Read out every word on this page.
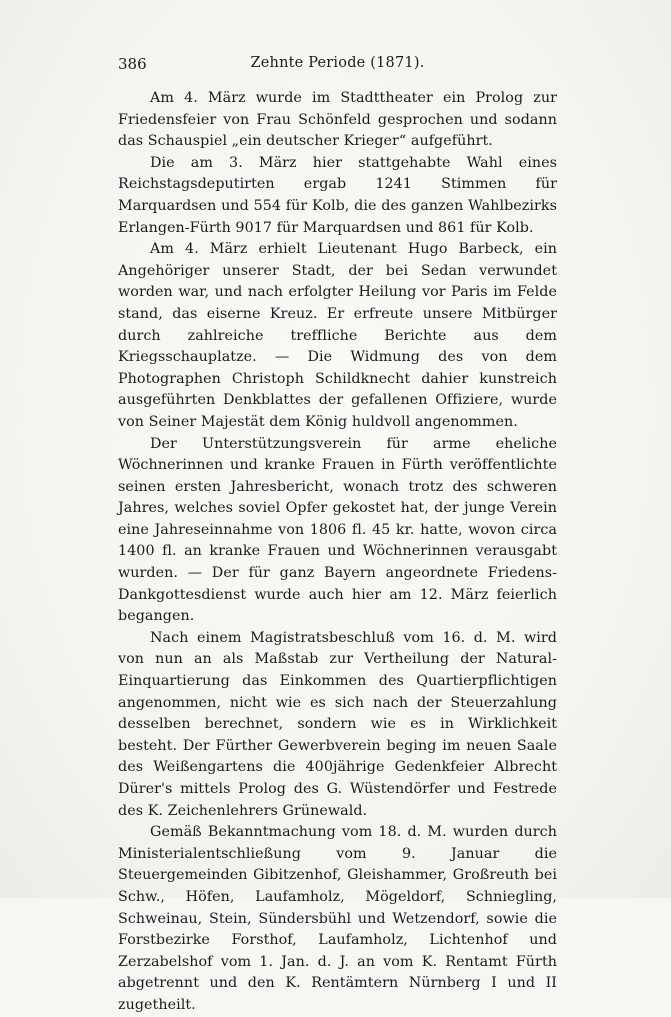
386	Zehnte Periode (1871).

Am 4. März wurde im Stadttheater ein Prolog zur Friedensfeier von Frau Schönfeld gesprochen und sodann das Schauspiel „ein deutscher Krieger“ aufgeführt.

Die am 3. März hier stattgehabte Wahl eines Reichstagsdeputirten ergab 1241 Stimmen für Marquardsen und 554 für Kolb, die des ganzen Wahlbezirks Erlangen-Fürth 9017 für Marquardsen und 861 für Kolb.

Am 4. März erhielt Lieutenant Hugo Barbeck, ein Angehöriger unserer Stadt, der bei Sedan verwundet worden war, und nach erfolgter Heilung vor Paris im Felde stand, das eiserne Kreuz. Er erfreute unsere Mitbürger durch zahlreiche treffliche Berichte aus dem Kriegsschauplatze. — Die Widmung des von dem Photographen Christoph Schildknecht dahier kunstreich ausgeführten Denkblattes der gefallenen Offiziere, wurde von Seiner Majestät dem König huldvoll angenommen.

Der Unterstützungsverein für arme eheliche Wöchnerinnen und kranke Frauen in Fürth veröffentlichte seinen ersten Jahresbericht, wonach trotz des schweren Jahres, welches soviel Opfer gekostet hat, der junge Verein eine Jahreseinnahme von 1806 fl. 45 kr. hatte, wovon circa 1400 fl. an kranke Frauen und Wöchnerinnen verausgabt wurden. — Der für ganz Bayern angeordnete Friedens-Dankgottesdienst wurde auch hier am 12. März feierlich begangen.

Nach einem Magistratsbeschluß vom 16. d. M. wird von nun an als Maßstab zur Vertheilung der Natural-Einquartierung das Einkommen des Quartierpflichtigen angenommen, nicht wie es sich nach der Steuerzahlung desselben berechnet, sondern wie es in Wirklichkeit besteht. Der Fürther Gewerbverein beging im neuen Saale des Weißengartens die 400jährige Gedenkfeier Albrecht Dürer's mittels Prolog des G. Wüstendörfer und Festrede des K. Zeichenlehrers Grünewald.

Gemäß Bekanntmachung vom 18. d. M. wurden durch Ministerialentschließung vom 9. Januar die Steuergemeinden Gibitzenhof, Gleishammer, Großreuth bei Schw., Höfen, Laufamholz, Mögeldorf, Schniegling, Schweinau, Stein, Sündersbühl und Wetzendorf, sowie die Forstbezirke Forsthof, Laufamholz, Lichtenhof und Zerzabelshof vom 1. Jan. d. J. an vom K. Rentamt Fürth abgetrennt und den K. Rentämtern Nürnberg I und II zugetheilt.
